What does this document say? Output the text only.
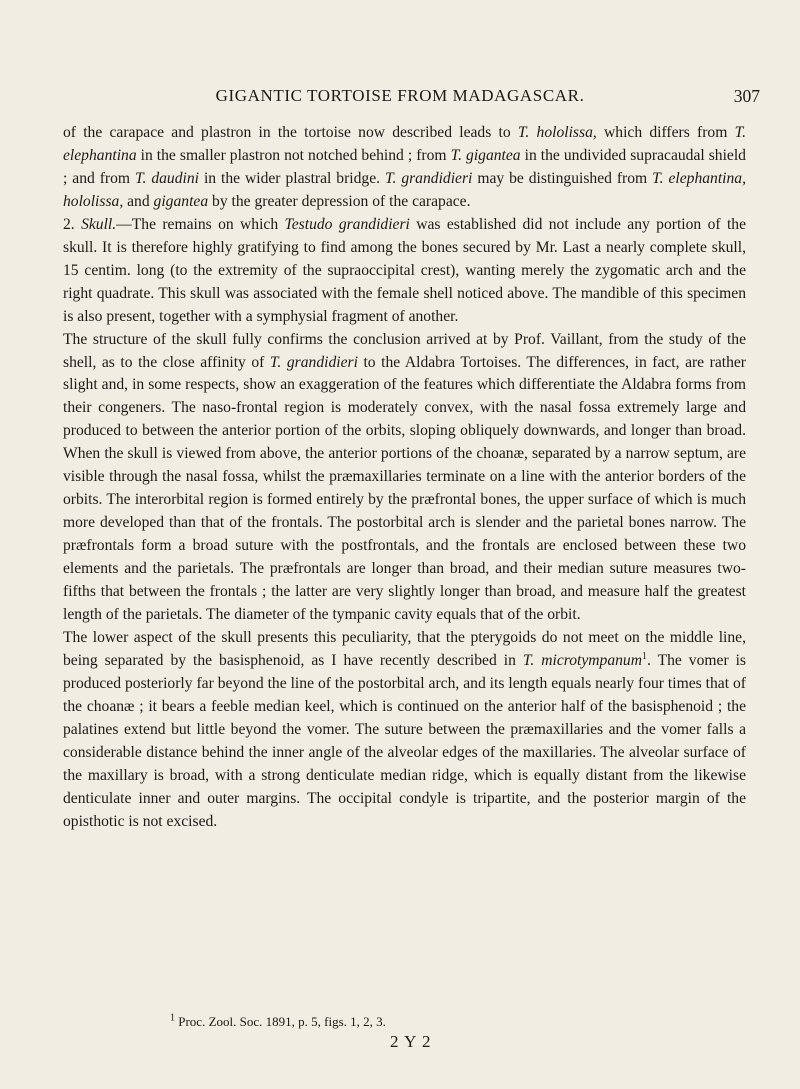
GIGANTIC TORTOISE FROM MADAGASCAR.	307

of the carapace and plastron in the tortoise now described leads to T. hololissa, which differs from T. elephantina in the smaller plastron not notched behind ; from T. gigantea in the undivided supracaudal shield ; and from T. daudini in the wider plastral bridge. T. grandidieri may be distinguished from T. elephantina, hololissa, and gigantea by the greater depression of the carapace.

2. Skull.—The remains on which Testudo grandidieri was established did not include any portion of the skull. It is therefore highly gratifying to find among the bones secured by Mr. Last a nearly complete skull, 15 centim. long (to the extremity of the supraoccipital crest), wanting merely the zygomatic arch and the right quadrate. This skull was associated with the female shell noticed above. The mandible of this specimen is also present, together with a symphysial fragment of another.

The structure of the skull fully confirms the conclusion arrived at by Prof. Vaillant, from the study of the shell, as to the close affinity of T. grandidieri to the Aldabra Tortoises. The differences, in fact, are rather slight and, in some respects, show an exaggeration of the features which differentiate the Aldabra forms from their congeners. The naso-frontal region is moderately convex, with the nasal fossa extremely large and produced to between the anterior portion of the orbits, sloping obliquely downwards, and longer than broad. When the skull is viewed from above, the anterior portions of the choanæ, separated by a narrow septum, are visible through the nasal fossa, whilst the præmaxillaries terminate on a line with the anterior borders of the orbits. The interorbital region is formed entirely by the præfrontal bones, the upper surface of which is much more developed than that of the frontals. The postorbital arch is slender and the parietal bones narrow. The præfrontals form a broad suture with the postfrontals, and the frontals are enclosed between these two elements and the parietals. The præfrontals are longer than broad, and their median suture measures two-fifths that between the frontals ; the latter are very slightly longer than broad, and measure half the greatest length of the parietals. The diameter of the tympanic cavity equals that of the orbit.

The lower aspect of the skull presents this peculiarity, that the pterygoids do not meet on the middle line, being separated by the basisphenoid, as I have recently described in T. microtympanum$^1$. The vomer is produced posteriorly far beyond the line of the postorbital arch, and its length equals nearly four times that of the choanæ ; it bears a feeble median keel, which is continued on the anterior half of the basisphenoid ; the palatines extend but little beyond the vomer. The suture between the præmaxillaries and the vomer falls a considerable distance behind the inner angle of the alveolar edges of the maxillaries. The alveolar surface of the maxillary is broad, with a strong denticulate median ridge, which is equally distant from the likewise denticulate inner and outer margins. The occipital condyle is tripartite, and the posterior margin of the opisthotic is not excised.

$^1$ Proc. Zool. Soc. 1891, p. 5, figs. 1, 2, 3.
2 Y 2
